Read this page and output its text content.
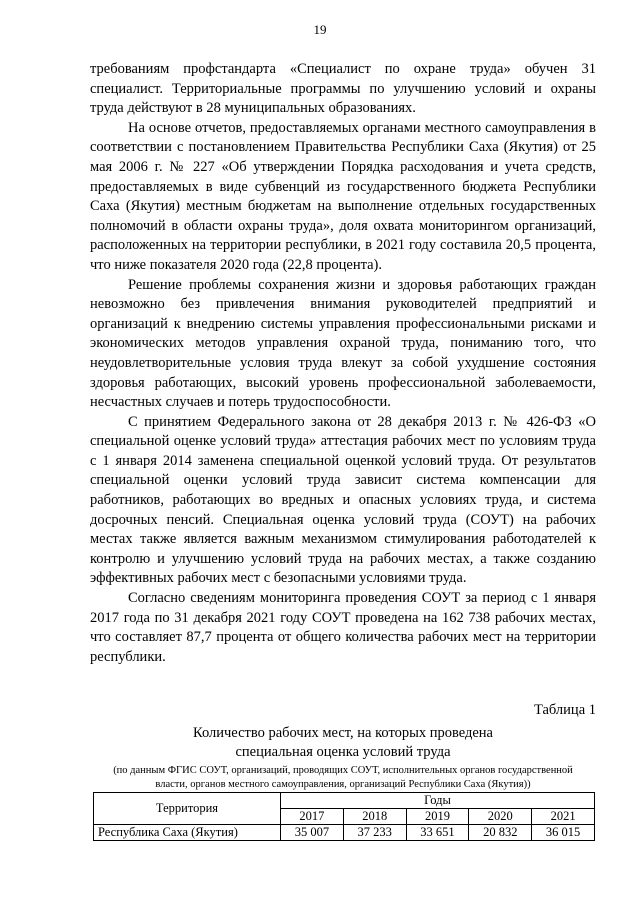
19

требованиям профстандарта «Специалист по охране труда» обучен 31 специалист. Территориальные программы по улучшению условий и охраны труда действуют в 28 муниципальных образованиях.

На основе отчетов, предоставляемых органами местного самоуправления в соответствии с постановлением Правительства Республики Саха (Якутия) от 25 мая 2006 г. № 227 «Об утверждении Порядка расходования и учета средств, предоставляемых в виде субвенций из государственного бюджета Республики Саха (Якутия) местным бюджетам на выполнение отдельных государственных полномочий в области охраны труда», доля охвата мониторингом организаций, расположенных на территории республики, в 2021 году составила 20,5 процента, что ниже показателя 2020 года (22,8 процента).

Решение проблемы сохранения жизни и здоровья работающих граждан невозможно без привлечения внимания руководителей предприятий и организаций к внедрению системы управления профессиональными рисками и экономических методов управления охраной труда, пониманию того, что неудовлетворительные условия труда влекут за собой ухудшение состояния здоровья работающих, высокий уровень профессиональной заболеваемости, несчастных случаев и потерь трудоспособности.

С принятием Федерального закона от 28 декабря 2013 г. № 426-ФЗ «О специальной оценке условий труда» аттестация рабочих мест по условиям труда с 1 января 2014 заменена специальной оценкой условий труда. От результатов специальной оценки условий труда зависит система компенсации для работников, работающих во вредных и опасных условиях труда, и система досрочных пенсий. Специальная оценка условий труда (СОУТ) на рабочих местах также является важным механизмом стимулирования работодателей к контролю и улучшению условий труда на рабочих местах, а также созданию эффективных рабочих мест с безопасными условиями труда.

Согласно сведениям мониторинга проведения СОУТ за период с 1 января 2017 года по 31 декабря 2021 году СОУТ проведена на 162 738 рабочих местах, что составляет 87,7 процента от общего количества рабочих мест на территории республики.

Таблица 1
Количество рабочих мест, на которых проведена
специальная оценка условий труда
(по данным ФГИС СОУТ, организаций, проводящих СОУТ, исполнительных органов государственной
власти, органов местного самоуправления, организаций Республики Саха (Якутия))
Территория	Годы				
	2017	2018	2019	2020	2021
Республика Саха (Якутия)	35 007	37 233	33 651	20 832	36 015
